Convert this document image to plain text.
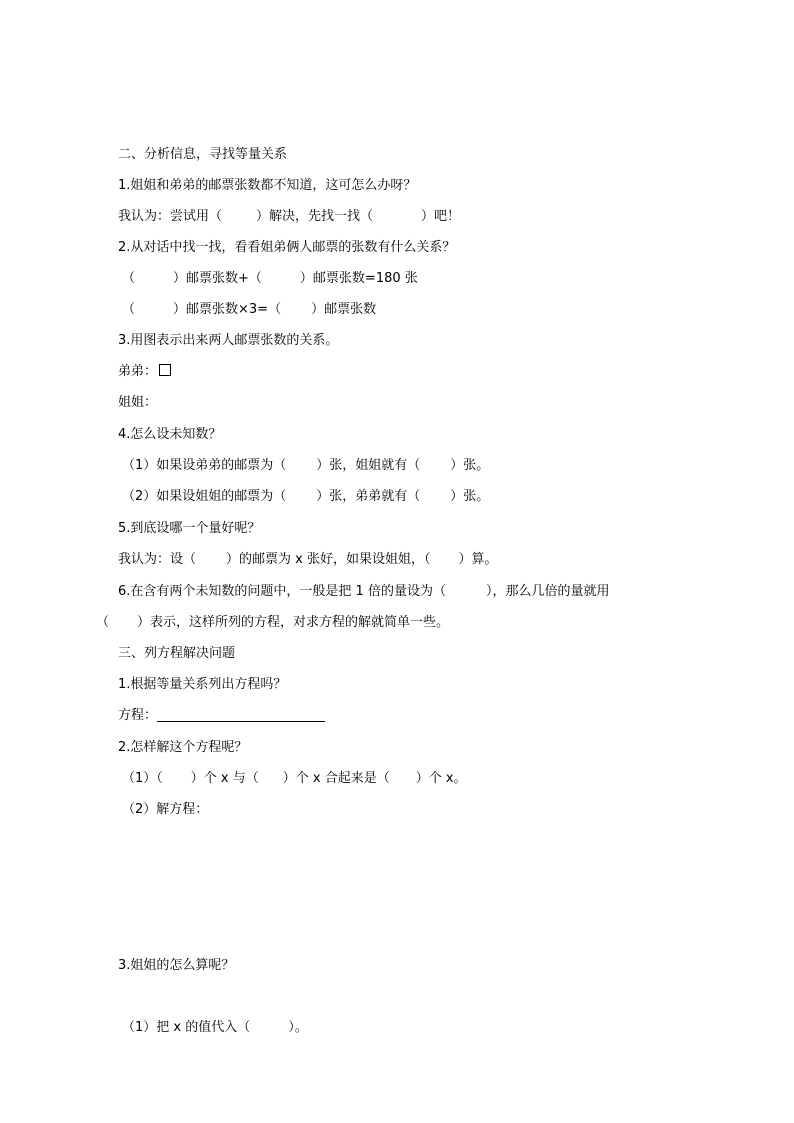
二、分析信息，寻找等量关系
1.姐姐和弟弟的邮票张数都不知道，这可怎么办呀？
我认为：尝试用（	）解决，先找一找（	）吧！
2.从对话中找一找，看看姐弟俩人邮票的张数有什么关系？
（	）邮票张数+（	）邮票张数=180 张
（	）邮票张数×3=（ ）邮票张数
3.用图表示出来两人邮票张数的关系。
弟弟：
姐姐：
4.怎么设未知数？
（1）如果设弟弟的邮票为（ ）张，姐姐就有（ ）张。
（2）如果设姐姐的邮票为（ ）张，弟弟就有（ ）张。
5.到底设哪一个量好呢？
我认为：设（ ）的邮票为 x 张好，如果设姐姐，（ ）算。
6.在含有两个未知数的问题中，一般是把 1 倍的量设为（	），那么几倍的量就用
（ ）表示，这样所列的方程，对求方程的解就简单一些。
三、列方程解决问题
1.根据等量关系列出方程吗？
方程：
2.怎样解这个方程呢？
（1）（ ）个 x 与（ ）个 x 合起来是（ ）个 x。
（2）解方程：
3.姐姐的怎么算呢？
（1）把 x 的值代入（	）。
